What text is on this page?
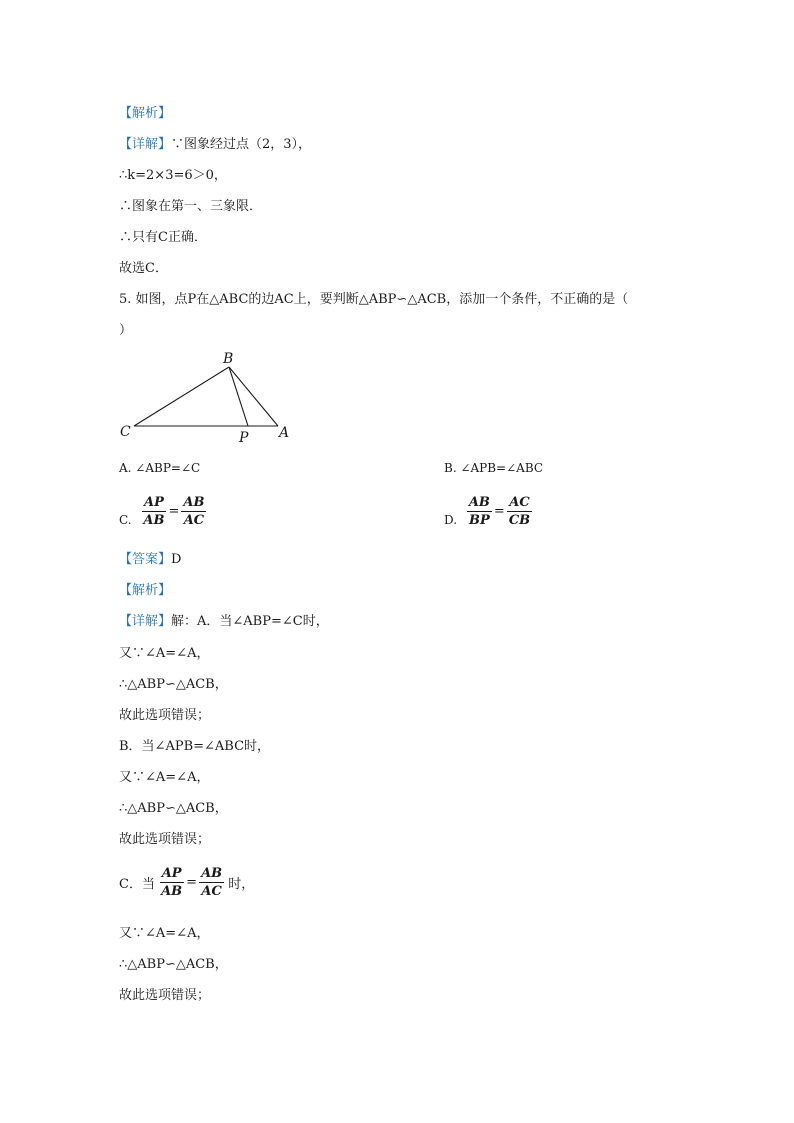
【解析】
【详解】∵图象经过点（2，3），
∴k=2×3=6＞0，
∴图象在第一、三象限．
∴只有C正确．
故选C．
5. 如图，点P在△ABC的边AC上，要判断△ABP∽△ACB，添加一个条件，不正确的是（
）
B
C	P A
A. ∠ABP=∠C	B. ∠APB=∠ABC
C. $\frac{AP}{AB} = \frac{AB}{AC}$	D. $\frac{AB}{BP} = \frac{AC}{CB}$
【答案】D
【解析】
【详解】解：A．当∠ABP=∠C时，
又∵∠A=∠A，
∴△ABP∽△ACB，
故此选项错误；
B．当∠APB=∠ABC时，
又∵∠A=∠A，
∴△ABP∽△ACB，
故此选项错误；
C．当 $\frac{AP}{AB} = \frac{AB}{AC}$ 时，
又∵∠A=∠A，
∴△ABP∽△ACB，
故此选项错误；
